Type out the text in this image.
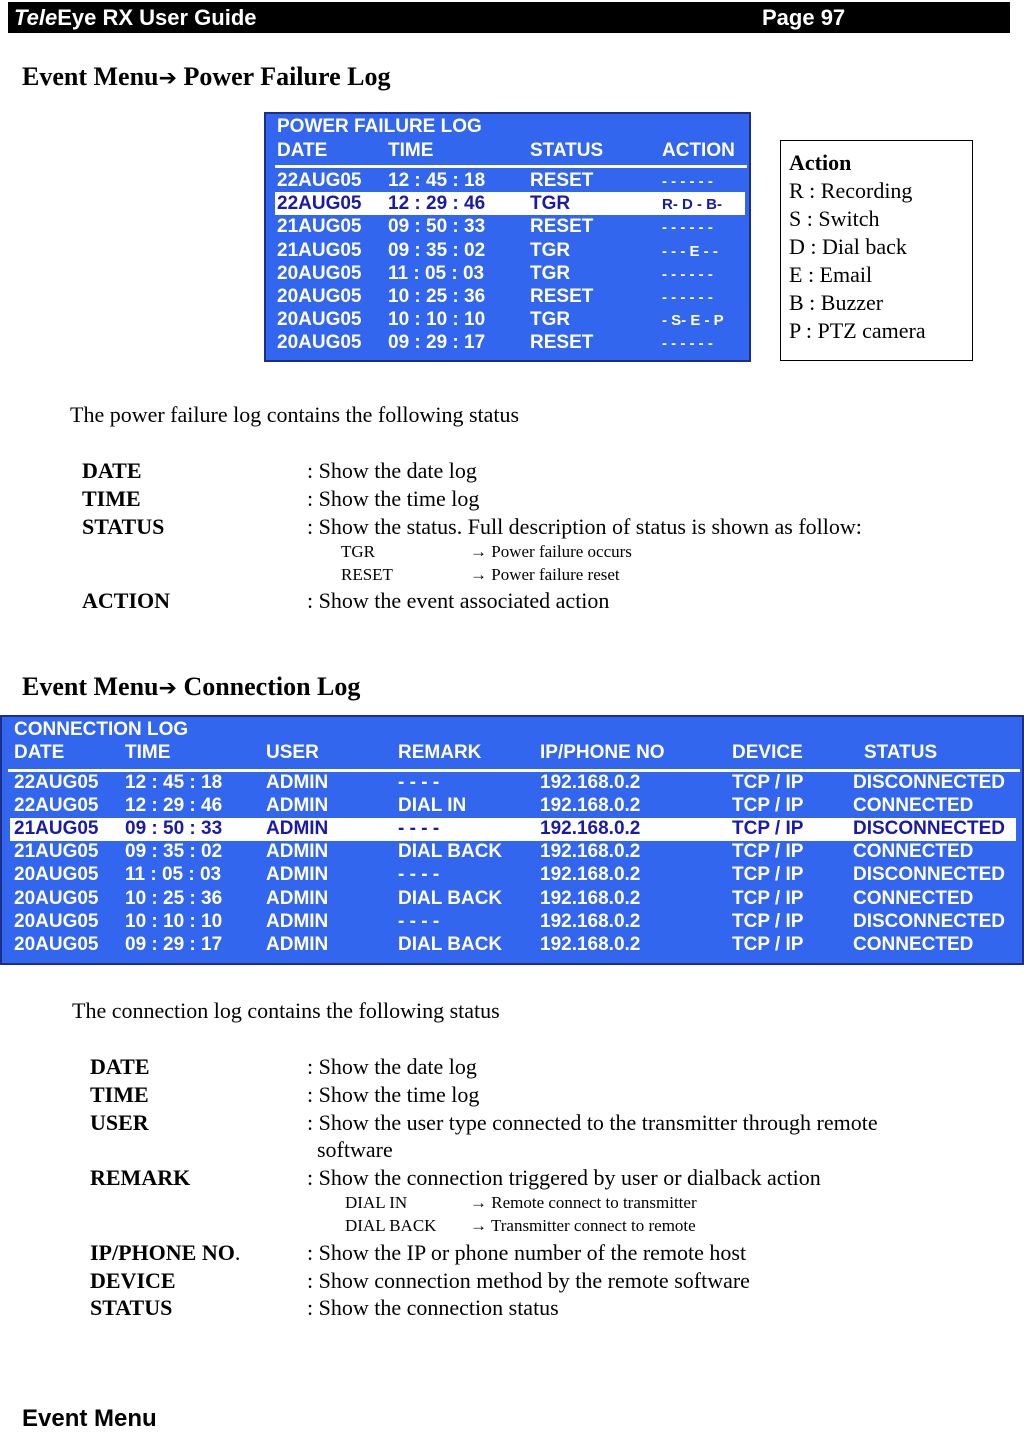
TeleEye RX User Guide	Page 97
Event Menu➔ Power Failure Log
POWER FAILURE LOG
DATE	TIME	STATUS	ACTION
22AUG05 12 : 45 : 18 RESET	- - - - - -
22AUG05 12 : 29 : 46 TGR	R- D - B-
21AUG05 09 : 50 : 33 RESET	- - - - - -
21AUG05 09 : 35 : 02 TGR	- - - E - -
20AUG05 11 : 05 : 03 TGR	- - - - - -
20AUG05 10 : 25 : 36 RESET	- - - - - -
20AUG05 10 : 10 : 10 TGR	- S- E - P
20AUG05 09 : 29 : 17 RESET	- - - - - -
Action
R : Recording
S : Switch
D : Dial back
E : Email
B : Buzzer
P : PTZ camera
The power failure log contains the following status
DATE	: Show the date log
TIME	: Show the time log
STATUS	: Show the status. Full description of status is shown as follow:
TGR	→ Power failure occurs
RESET	→ Power failure reset
ACTION	: Show the event associated action
Event Menu➔ Connection Log
CONNECTION LOG
DATE	TIME	USER	REMARK	IP/PHONE NO	DEVICE	STATUS
22AUG05 12 : 45 : 18 ADMIN	- - - -	192.168.0.2	TCP / IP	DISCONNECTED
22AUG05 12 : 29 : 46 ADMIN	DIAL IN	192.168.0.2	TCP / IP	CONNECTED
21AUG05 09 : 50 : 33 ADMIN	- - - -	192.168.0.2	TCP / IP	DISCONNECTED
21AUG05 09 : 35 : 02 ADMIN	DIAL BACK 192.168.0.2	TCP / IP	CONNECTED
20AUG05 11 : 05 : 03 ADMIN	- - - -	192.168.0.2	TCP / IP	DISCONNECTED
20AUG05 10 : 25 : 36 ADMIN	DIAL BACK 192.168.0.2	TCP / IP	CONNECTED
20AUG05 10 : 10 : 10 ADMIN	- - - -	192.168.0.2	TCP / IP	DISCONNECTED
20AUG05 09 : 29 : 17 ADMIN	DIAL BACK 192.168.0.2	TCP / IP	CONNECTED
The connection log contains the following status
DATE	: Show the date log
TIME	: Show the time log
USER	: Show the user type connected to the transmitter through remote
software
REMARK	: Show the connection triggered by user or dialback action
DIAL IN	→ Remote connect to transmitter
DIAL BACK → Transmitter connect to remote
IP/PHONE NO.	: Show the IP or phone number of the remote host
DEVICE	: Show connection method by the remote software
STATUS	: Show the connection status
Event Menu
